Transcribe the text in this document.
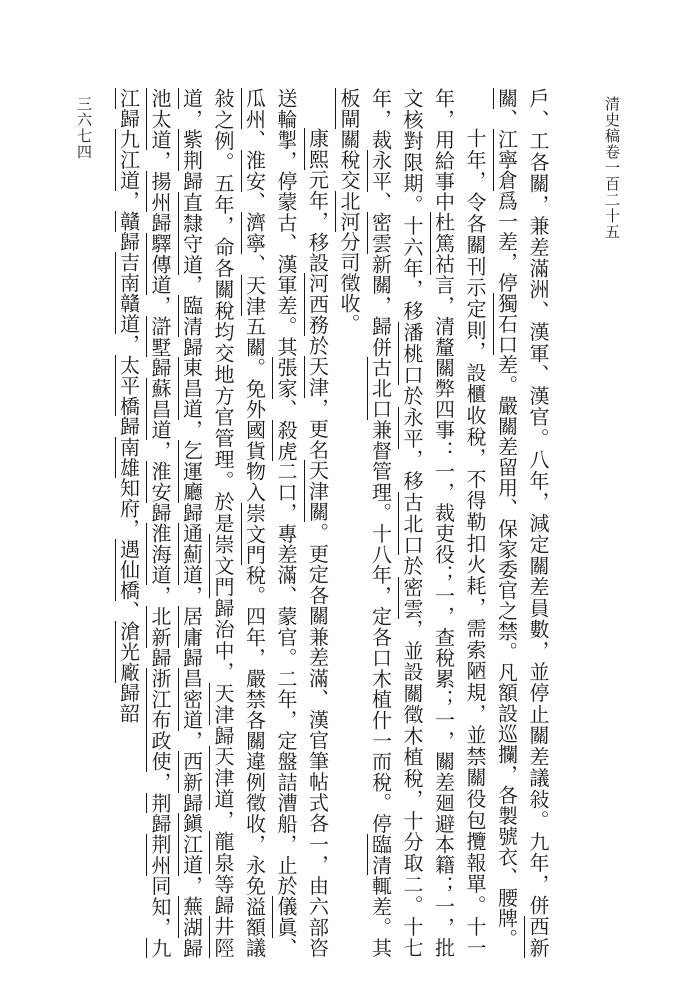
清史稿卷一百二十五

戶、工各關，兼差滿洲、漢軍、漢官。八年，減定關差員數，並停止關差議敍。九年，併西新關、江寧倉爲一差，停獨石口差。嚴關差留用、保家委官之禁。凡額設巡攔，各製號衣、腰牌。

十年，令各關刊示定則，設櫃收稅，不得勒扣火耗，需索陋規，並禁關役包攬報單。十一年，用給事中杜篤祜言，清釐關弊四事：一，裁吏役；一，查稅累；一，關差廻避本籍；一，批文核對限期。十六年，移潘桃口於永平，移古北口於密雲，並設關徵木植稅，十分取二。十七年，裁永平、密雲新關，歸併古北口兼督管理。十八年，定各口木植什一而稅。停臨清輒差。其板閘關稅交北河分司徵收。

康熙元年，移設河西務於天津，更名天津關。更定各關兼差滿、漢官筆帖式各一，由六部咨送輪掣，停蒙古、漢軍差。其張家、殺虎二口，專差滿、蒙官。二年，定盤詰漕船，止於儀眞、瓜州、淮安、濟寧、天津五關。免外國貨物入崇文門稅。四年，嚴禁各關違例徵收，永免溢額議敍之例。五年，命各關稅均交地方官管理。於是崇文門歸治中，天津歸天津道，龍泉等歸井陘道，紫荆歸直隸守道，臨清歸東昌道，乞運廳歸通薊道，居庸歸昌密道，西新歸鎭江道，蕪湖歸池太道，揚州歸驛傳道，滸墅歸蘇昌道，淮安歸淮海道，北新歸浙江布政使，荆歸荆州同知，九江歸九江道，贛歸吉南贛道，太平橋歸南雄知府，遇仙橋、滄光廠歸韶

三六七四
